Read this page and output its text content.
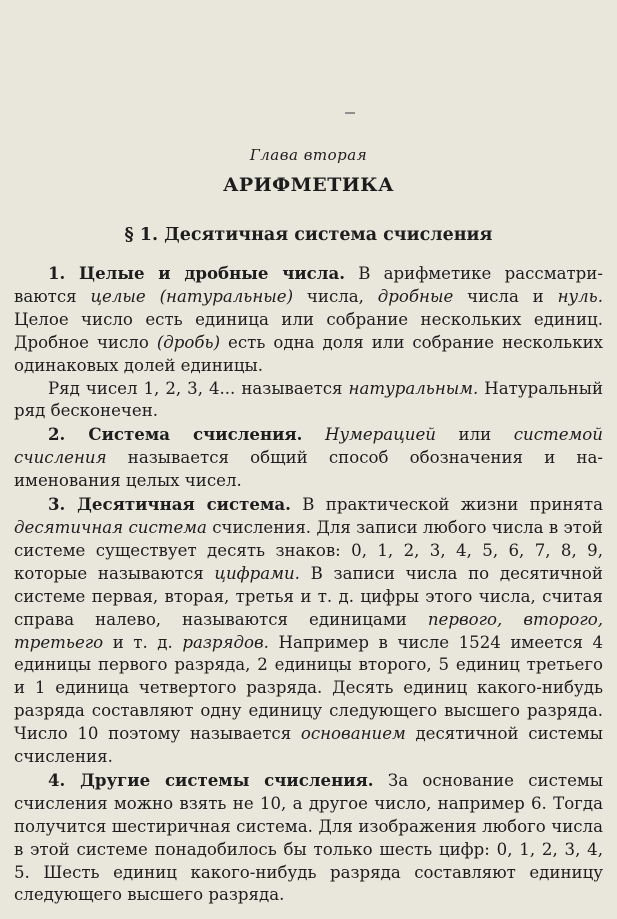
Глава вторая
АРИФМЕТИКА
§ 1. Десятичная система счисления

1. Целые и дробные числа. В арифметике рассматриваются целые (натуральные) числа, дробные числа и нуль. Целое число есть единица или собрание нескольких единиц. Дробное число (дробь) есть одна доля или собрание нескольких одинаковых долей единицы.

Ряд чисел 1, 2, 3, 4... называется натуральным. Натуральный ряд бесконечен.

2. Система счисления. Нумерацией или системой счисления называется общий способ обозначения и наименования целых чисел.

3. Десятичная система. В практической жизни принята десятичная система счисления. Для записи любого числа в этой системе существует десять знаков: 0, 1, 2, 3, 4, 5, 6, 7, 8, 9, которые называются цифрами. В записи числа по десятичной системе первая, вторая, третья и т. д. цифры этого числа, считая справа налево, называются единицами первого, второго, третьего и т. д. разрядов. Например в числе 1524 имеется 4 единицы первого разряда, 2 единицы второго, 5 единиц третьего и 1 единица четвертого разряда. Десять единиц какого-нибудь разряда составляют одну единицу следующего высшего разряда. Число 10 поэтому называется основанием десятичной системы счисления.

4. Другие системы счисления. За основание системы счисления можно взять не 10, а другое число, например 6. Тогда получится шестиричная система. Для изображения любого числа в этой системе понадобилось бы только шесть цифр: 0, 1, 2, 3, 4, 5. Шесть единиц какого-нибудь разряда составляют единицу следующего высшего разряда.
